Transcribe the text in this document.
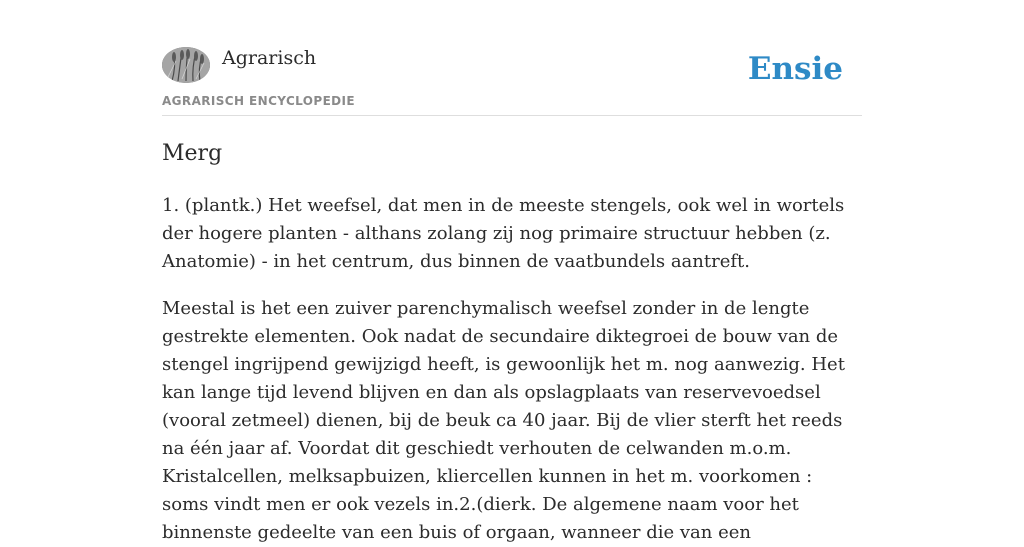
Agrarisch	Ensie
AGRARISCH ENCYCLOPEDIE
Merg

1. (plantk.) Het weefsel, dat men in de meeste stengels, ook wel in wortels der hogere planten - althans zolang zij nog primaire structuur hebben (z. Anatomie) - in het centrum, dus binnen de vaatbundels aantreft.

Meestal is het een zuiver parenchymalisch weefsel zonder in de lengte gestrekte elementen. Ook nadat de secundaire diktegroei de bouw van de stengel ingrijpend gewijzigd heeft, is gewoonlijk het m. nog aanwezig. Het kan lange tijd levend blijven en dan als opslagplaats van reservevoedsel (vooral zetmeel) dienen, bij de beuk ca 40 jaar. Bij de vlier sterft het reeds na één jaar af. Voordat dit geschiedt verhouten de celwanden m.o.m. Kristalcellen, melksapbuizen, kliercellen kunnen in het m. voorkomen : soms vindt men er ook vezels in.2.(dierk. De algemene naam voor het binnenste gedeelte van een buis of orgaan, wanneer die van een
